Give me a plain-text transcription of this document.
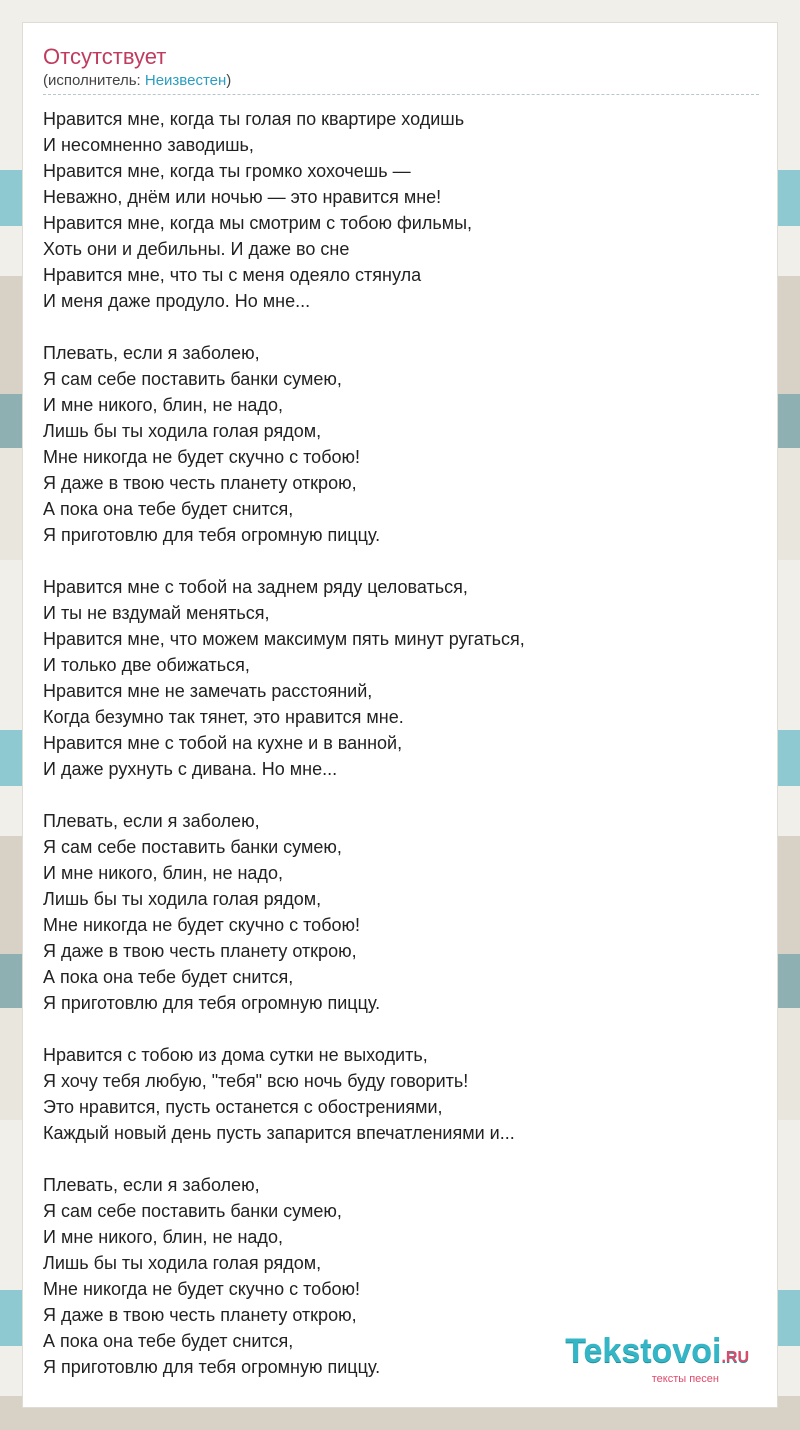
Отсутствует
(исполнитель: Неизвестен)
Нравится мне, когда ты голая по квартире ходишь
И несомненно заводишь,
Нравится мне, когда ты громко хохочешь —
Неважно, днём или ночью — это нравится мне!
Нравится мне, когда мы смотрим с тобою фильмы,
Хоть они и дебильны. И даже во сне
Нравится мне, что ты с меня одеяло стянула
И меня даже продуло. Но мне...
Плевать, если я заболею,
Я сам себе поставить банки сумею,
И мне никого, блин, не надо,
Лишь бы ты ходила голая рядом,
Мне никогда не будет скучно с тобою!
Я даже в твою честь планету открою,
А пока она тебе будет снится,
Я приготовлю для тебя огромную пиццу.
Нравится мне с тобой на заднем ряду целоваться,
И ты не вздумай меняться,
Нравится мне, что можем максимум пять минут ругаться,
И только две обижаться,
Нравится мне не замечать расстояний,
Когда безумно так тянет, это нравится мне.
Нравится мне с тобой на кухне и в ванной,
И даже рухнуть с дивана. Но мне...
Плевать, если я заболею,
Я сам себе поставить банки сумею,
И мне никого, блин, не надо,
Лишь бы ты ходила голая рядом,
Мне никогда не будет скучно с тобою!
Я даже в твою честь планету открою,
А пока она тебе будет снится,
Я приготовлю для тебя огромную пиццу.
Нравится с тобою из дома сутки не выходить,
Я хочу тебя любую, "тебя" всю ночь буду говорить!
Это нравится, пусть останется с обострениями,
Каждый новый день пусть запарится впечатлениями и...
Плевать, если я заболею,
Я сам себе поставить банки сумею,
И мне никого, блин, не надо,
Лишь бы ты ходила голая рядом,
Мне никогда не будет скучно с тобою!
Я даже в твою честь планету открою,
А пока она тебе будет снится,
Я приготовлю для тебя огромную пиццу.	Tekstovoi.RU
тексты песен
